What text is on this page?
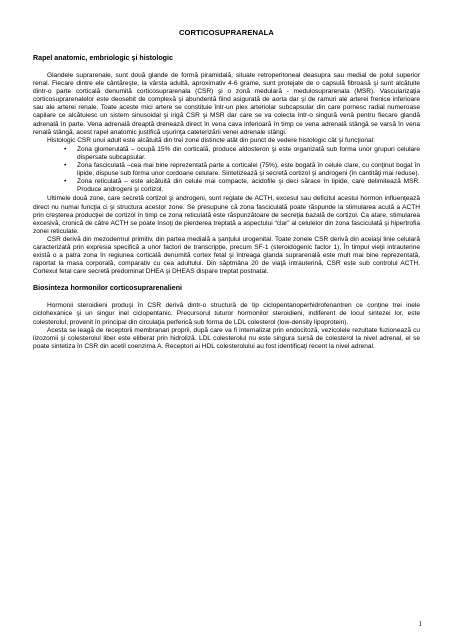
CORTICOSUPRARENALA
Rapel anatomic, embriologic şi histologic

Glandele suprarenale, sunt două glande de formă piramidală, situate retroperitoneal deasupra sau medial de polul superior renal. Fiecare dintre ele cântăreşte, la vârsta adultă, aproximativ 4-6 grame, sunt protejate de o capsulă fibroasă şi sunt alcătuite dintr-o parte corticală denumită corticosuprarenala (CSR) şi o zonă medulară - medulosuprarenala (MSR). Vascularizaţia corticosuprarenalelor este deosebit de complexă şi abundentă fiind asigurată de aorta dar şi de ramuri ale arterei frenice inferioare sau ale arterei renale. Toate aceste mici artere se constituie într-un plex arteriolar subcapsular din care pornesc radial numeroase capilare ce alcătuiesc un sistem sinusoidal şi irigă CSR şi MSR dar care se va colecta într-o singură venă pentru fiecare glandă adrenală în parte. Vena adrenală dreaptă drenează direct în vena cava inferioară în timp ce vena adrenală stângă se varsă în vena renală stângă, acest rapel anatomic justifică uşurinţa cateterizării venei adrenale stângi.

Histologic CSR unui adult este alcătuită din trei zone distincte atât din punct de vedere histologic cât şi funcţional:

• Zona glomerulată – ocupă 15% din corticală, produce aldosteron şi este organizată sub forma unor grupuri celulare dispersate subcapsular.
• Zona fasciculată –cea mai bine reprezentată parte a corticalei (75%), este bogată în celule clare, cu conţinut bogat în lipide, dispuse sub forma unor cordoane celulare. Sintetizează şi secretă cortizol şi androgeni (în cantităţi mai reduse).
• Zona reticulată – este alcătuită din celule mai compacte, acidofile şi deci sărace în lipide, care delimitează MSR. Produce androgeni şi cortizol.

Ultimele două zone, care secretă cortizol şi androgeni, sunt reglate de ACTH, excesul sau deficitul acestui hormon influenţează direct nu numai funcţia ci şi structura acestor zone. Se presupune că zona fasciculată poate răspunde la stimularea acută a ACTH prin creşterea producţiei de cortizol în timp ce zona reticulată este răspunzătoare de secreţia bazală de cortizol. Ca atare, stimularea excesivă, cronică de către ACTH se poate însoţi de pierderea treptată a aspectului “clar” al celulelor din zona fasciculată şi hipertrofia zonei reticulate.

CSR derivă din mezodermul primitiv, din partea medială a şanţului urogenital. Toate zonele CSR derivă din aceiaşi linie celulară caracterizată prin expresia specifică a unor factori de transcripţie, precum SF-1 (steroidogenic factor 1). În timpul vieţii intrauterine există o a patra zona în regiunea corticală denumită cortex fetal şi întreaga glanda suprarenală este mult mai bine reprezentată, raportat la masa corporală, comparativ cu cea adultului. Din săptmâna 20 de viaţă intrauterină, CSR este sub controlul ACTH. Cortexul fetal care secretă predominat DHEA şi DHEAS dispare treptat postnatal.

Biosinteza hormonilor corticosuprarenalieni

Hormonii steroidieni produşi în CSR derivă dintr-o structură de tip ciclopentanoperhidrofenantren ce conţine trei inele ciclohexanice şi un singur inel ciclopentanic. Precursorul tuturor hormonilor steroidieni, indiferent de locul sintezei lor, este colesterolul, provenit în principal din circulaţia perferică sub forma de LDL colesterol (low-density lipoprotein).

Acesta se leagă de receptorii membranari proprii, după care va fi internalizat prin endocitoză, vezicolele rezultate fuzionează cu lizozomii şi colesterolul liber este eliberat prin hidroliză. LDL colesterolul nu este singura sursă de colesterol la nivel adrenal, el se poate sintetiza în CSR din acetil coenzima A. Receptori ai HDL colesterolului au fost identificaţi recent la nivel adrenal.

1
